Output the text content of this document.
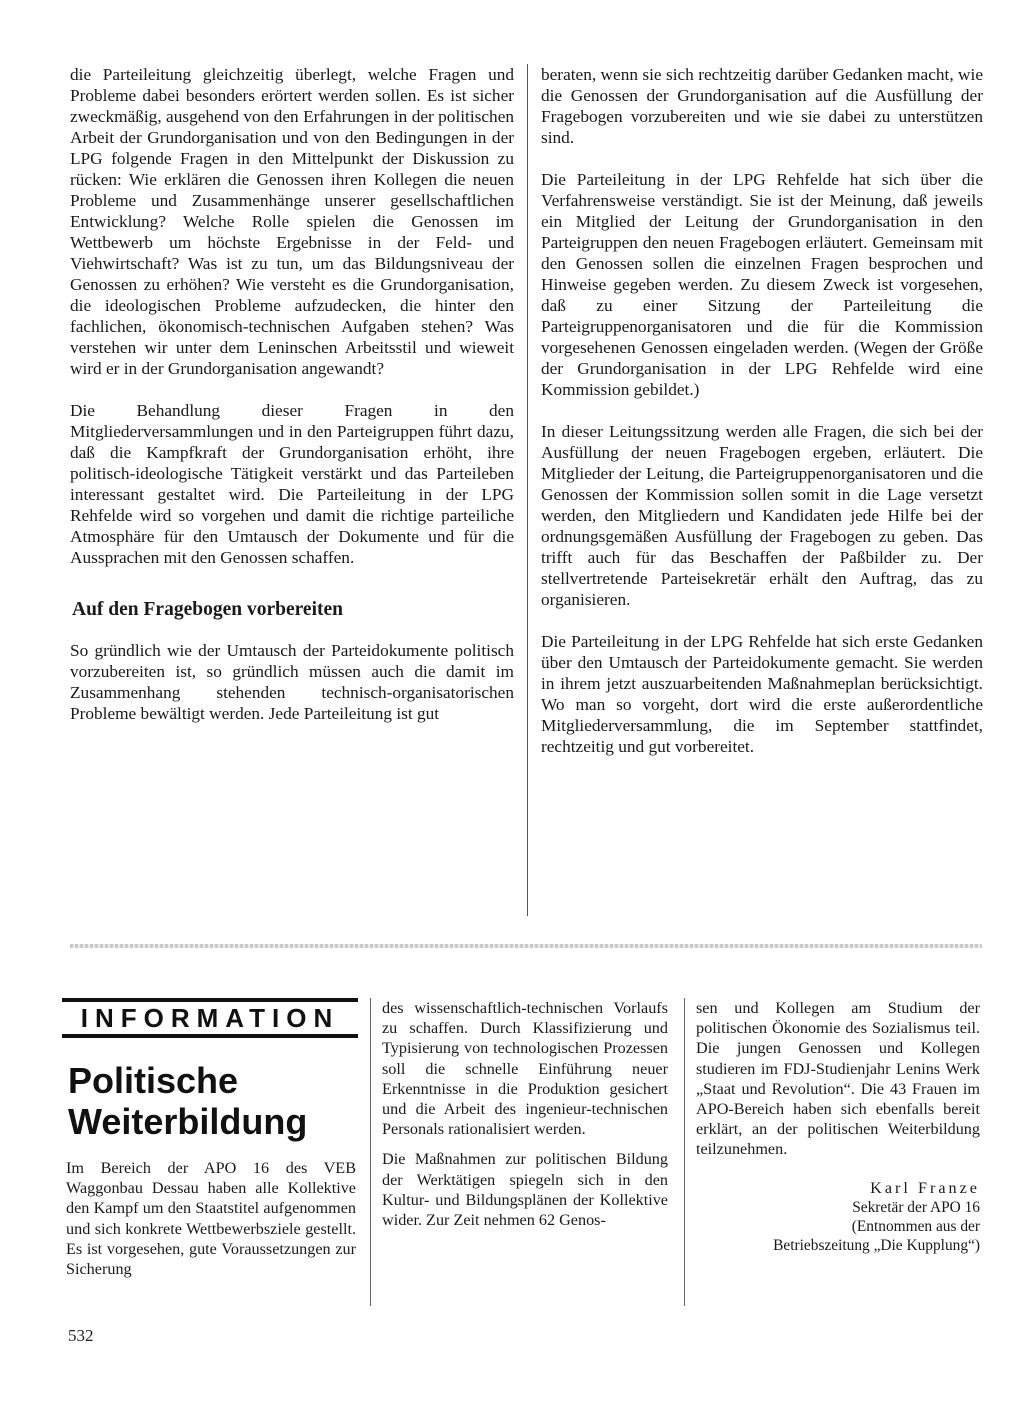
die Parteileitung gleichzeitig überlegt, welche Fragen und Probleme dabei besonders erörtert werden sollen. Es ist sicher zweckmäßig, ausgehend von den Erfahrungen in der politischen Arbeit der Grundorganisation und von den Bedingungen in der LPG folgende Fragen in den Mittelpunkt der Diskussion zu rücken: Wie erklären die Genossen ihren Kollegen die neuen Probleme und Zusammenhänge unserer gesellschaftlichen Entwicklung? Welche Rolle spielen die Genossen im Wettbewerb um höchste Ergebnisse in der Feld- und Viehwirtschaft? Was ist zu tun, um das Bildungsniveau der Genossen zu erhöhen? Wie versteht es die Grundorganisation, die ideologischen Probleme aufzudecken, die hinter den fachlichen, ökonomisch-technischen Aufgaben stehen? Was verstehen wir unter dem Leninschen Arbeitsstil und wieweit wird er in der Grundorganisation angewandt?

Die Behandlung dieser Fragen in den Mitgliederversammlungen und in den Parteigruppen führt dazu, daß die Kampfkraft der Grundorganisation erhöht, ihre politisch-ideologische Tätigkeit verstärkt und das Parteileben interessant gestaltet wird. Die Parteileitung in der LPG Rehfelde wird so vorgehen und damit die richtige parteiliche Atmosphäre für den Umtausch der Dokumente und für die Aussprachen mit den Genossen schaffen.

Auf den Fragebogen vorbereiten

So gründlich wie der Umtausch der Parteidokumente politisch vorzubereiten ist, so gründlich müssen auch die damit im Zusammenhang stehenden technisch-organisatorischen Probleme bewältigt werden. Jede Parteileitung ist gut

beraten, wenn sie sich rechtzeitig darüber Gedanken macht, wie die Genossen der Grundorganisation auf die Ausfüllung der Fragebogen vorzubereiten und wie sie dabei zu unterstützen sind.

Die Parteileitung in der LPG Rehfelde hat sich über die Verfahrensweise verständigt. Sie ist der Meinung, daß jeweils ein Mitglied der Leitung der Grundorganisation in den Parteigruppen den neuen Fragebogen erläutert. Gemeinsam mit den Genossen sollen die einzelnen Fragen besprochen und Hinweise gegeben werden. Zu diesem Zweck ist vorgesehen, daß zu einer Sitzung der Parteileitung die Parteigruppenorganisatoren und die für die Kommission vorgesehenen Genossen eingeladen werden. (Wegen der Größe der Grundorganisation in der LPG Rehfelde wird eine Kommission gebildet.)

In dieser Leitungssitzung werden alle Fragen, die sich bei der Ausfüllung der neuen Fragebogen ergeben, erläutert. Die Mitglieder der Leitung, die Parteigruppenorganisatoren und die Genossen der Kommission sollen somit in die Lage versetzt werden, den Mitgliedern und Kandidaten jede Hilfe bei der ordnungsgemäßen Ausfüllung der Fragebogen zu geben. Das trifft auch für das Beschaffen der Paßbilder zu. Der stellvertretende Parteisekretär erhält den Auftrag, das zu organisieren.

Die Parteileitung in der LPG Rehfelde hat sich erste Gedanken über den Umtausch der Parteidokumente gemacht. Sie werden in ihrem jetzt auszuarbeitenden Maßnahmeplan berücksichtigt. Wo man so vorgeht, dort wird die erste außerordentliche Mitgliederversammlung, die im September stattfindet, rechtzeitig und gut vorbereitet.

INFORMATION
Politische
Weiterbildung

Im Bereich der APO 16 des VEB Waggonbau Dessau haben alle Kollektive den Kampf um den Staatstitel aufgenommen und sich konkrete Wettbewerbsziele gestellt. Es ist vorgesehen, gute Voraussetzungen zur Sicherung

des wissenschaftlich-technischen Vorlaufs zu schaffen. Durch Klassifizierung und Typisierung von technologischen Prozessen soll die schnelle Einführung neuer Erkenntnisse in die Produktion gesichert und die Arbeit des ingenieur-technischen Personals rationalisiert werden.

Die Maßnahmen zur politischen Bildung der Werktätigen spiegeln sich in den Kultur- und Bildungsplänen der Kollektive wider. Zur Zeit nehmen 62 Genos-

sen und Kollegen am Studium der politischen Ökonomie des Sozialismus teil. Die jungen Genossen und Kollegen studieren im FDJ-Studienjahr Lenins Werk „Staat und Revolution“. Die 43 Frauen im APO-Bereich haben sich ebenfalls bereit erklärt, an der politischen Weiterbildung teilzunehmen.

Karl Franze
Sekretär der APO 16
(Entnommen aus der
Betriebszeitung „Die Kupplung“)
532
